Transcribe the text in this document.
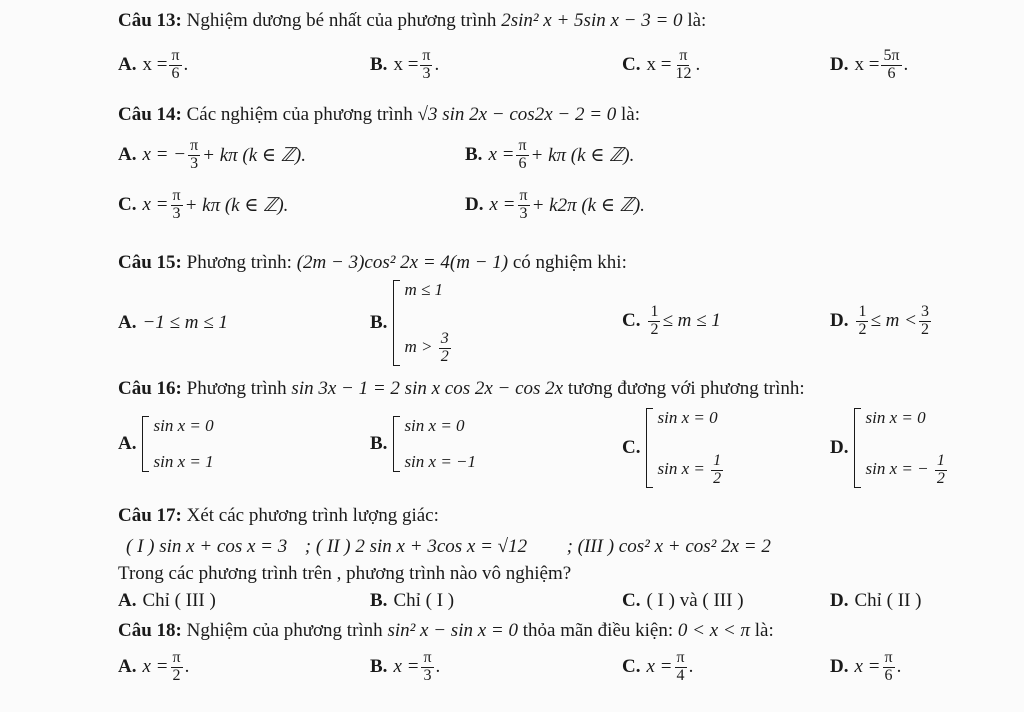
Câu 13: Nghiệm dương bé nhất của phương trình 2sin² x + 5sin x − 3 = 0 là:
A. $x = \frac{\pi}{6}$ .	B. $x = \frac{\pi}{3}$ .	C. $x = \frac{\pi}{12}$ .	D. $x = \frac{5\pi}{6}$ .
Câu 14: Các nghiệm của phương trình √3 sin 2x − cos2x − 2 = 0 là:
A. x = − $\frac{\pi}{3} + k\pi$ (k ∈ ℤ).	B. $x = \frac{\pi}{6} + k\pi$ (k ∈ ℤ).
C. $x = \frac{\pi}{3} + k\pi$ (k ∈ ℤ).	D. $x = \frac{\pi}{3} + k2\pi$ (k ∈ ℤ).
Câu 15: Phương trình: (2m − 3)cos² 2x = 4(m − 1) có nghiệm khi:
A. −1 ≤ m ≤ 1	B.
m ≤ 1
$m > \frac{3}{2}$
C. $\frac{1}{2} \le m \le 1$	D. $\frac{1}{2} \le m < \frac{3}{2}$
Câu 16: Phương trình sin 3x − 1 = 2 sin x cos 2x − cos 2x tương đương với phương trình:
A.
sin x = 0
sin x = 1
B.
sin x = 0
sin x = −1
C.
sin x = 0
$\sin x = \frac{1}{2}$
D.
sin x = 0
sin x = − $\frac{1}{2}$
Câu 17: Xét các phương trình lượng giác:
( I ) sin x + cos x = 3 ; ( II ) 2 sin x + 3cos x = √12 ; (III ) cos² x + cos² 2x = 2
Trong các phương trình trên , phương trình nào vô nghiệm?
A. Chỉ ( III )	B. Chỉ ( I )	C. ( I ) và ( III )	D. Chỉ ( II )
Câu 18: Nghiệm của phương trình sin² x − sin x = 0 thỏa mãn điều kiện: 0 < x < π là:
A. $x = \frac{\pi}{2}$ .	B. $x = \frac{\pi}{3}$ .	C. $x = \frac{\pi}{4}$ .	D. $x = \frac{\pi}{6}$ .
